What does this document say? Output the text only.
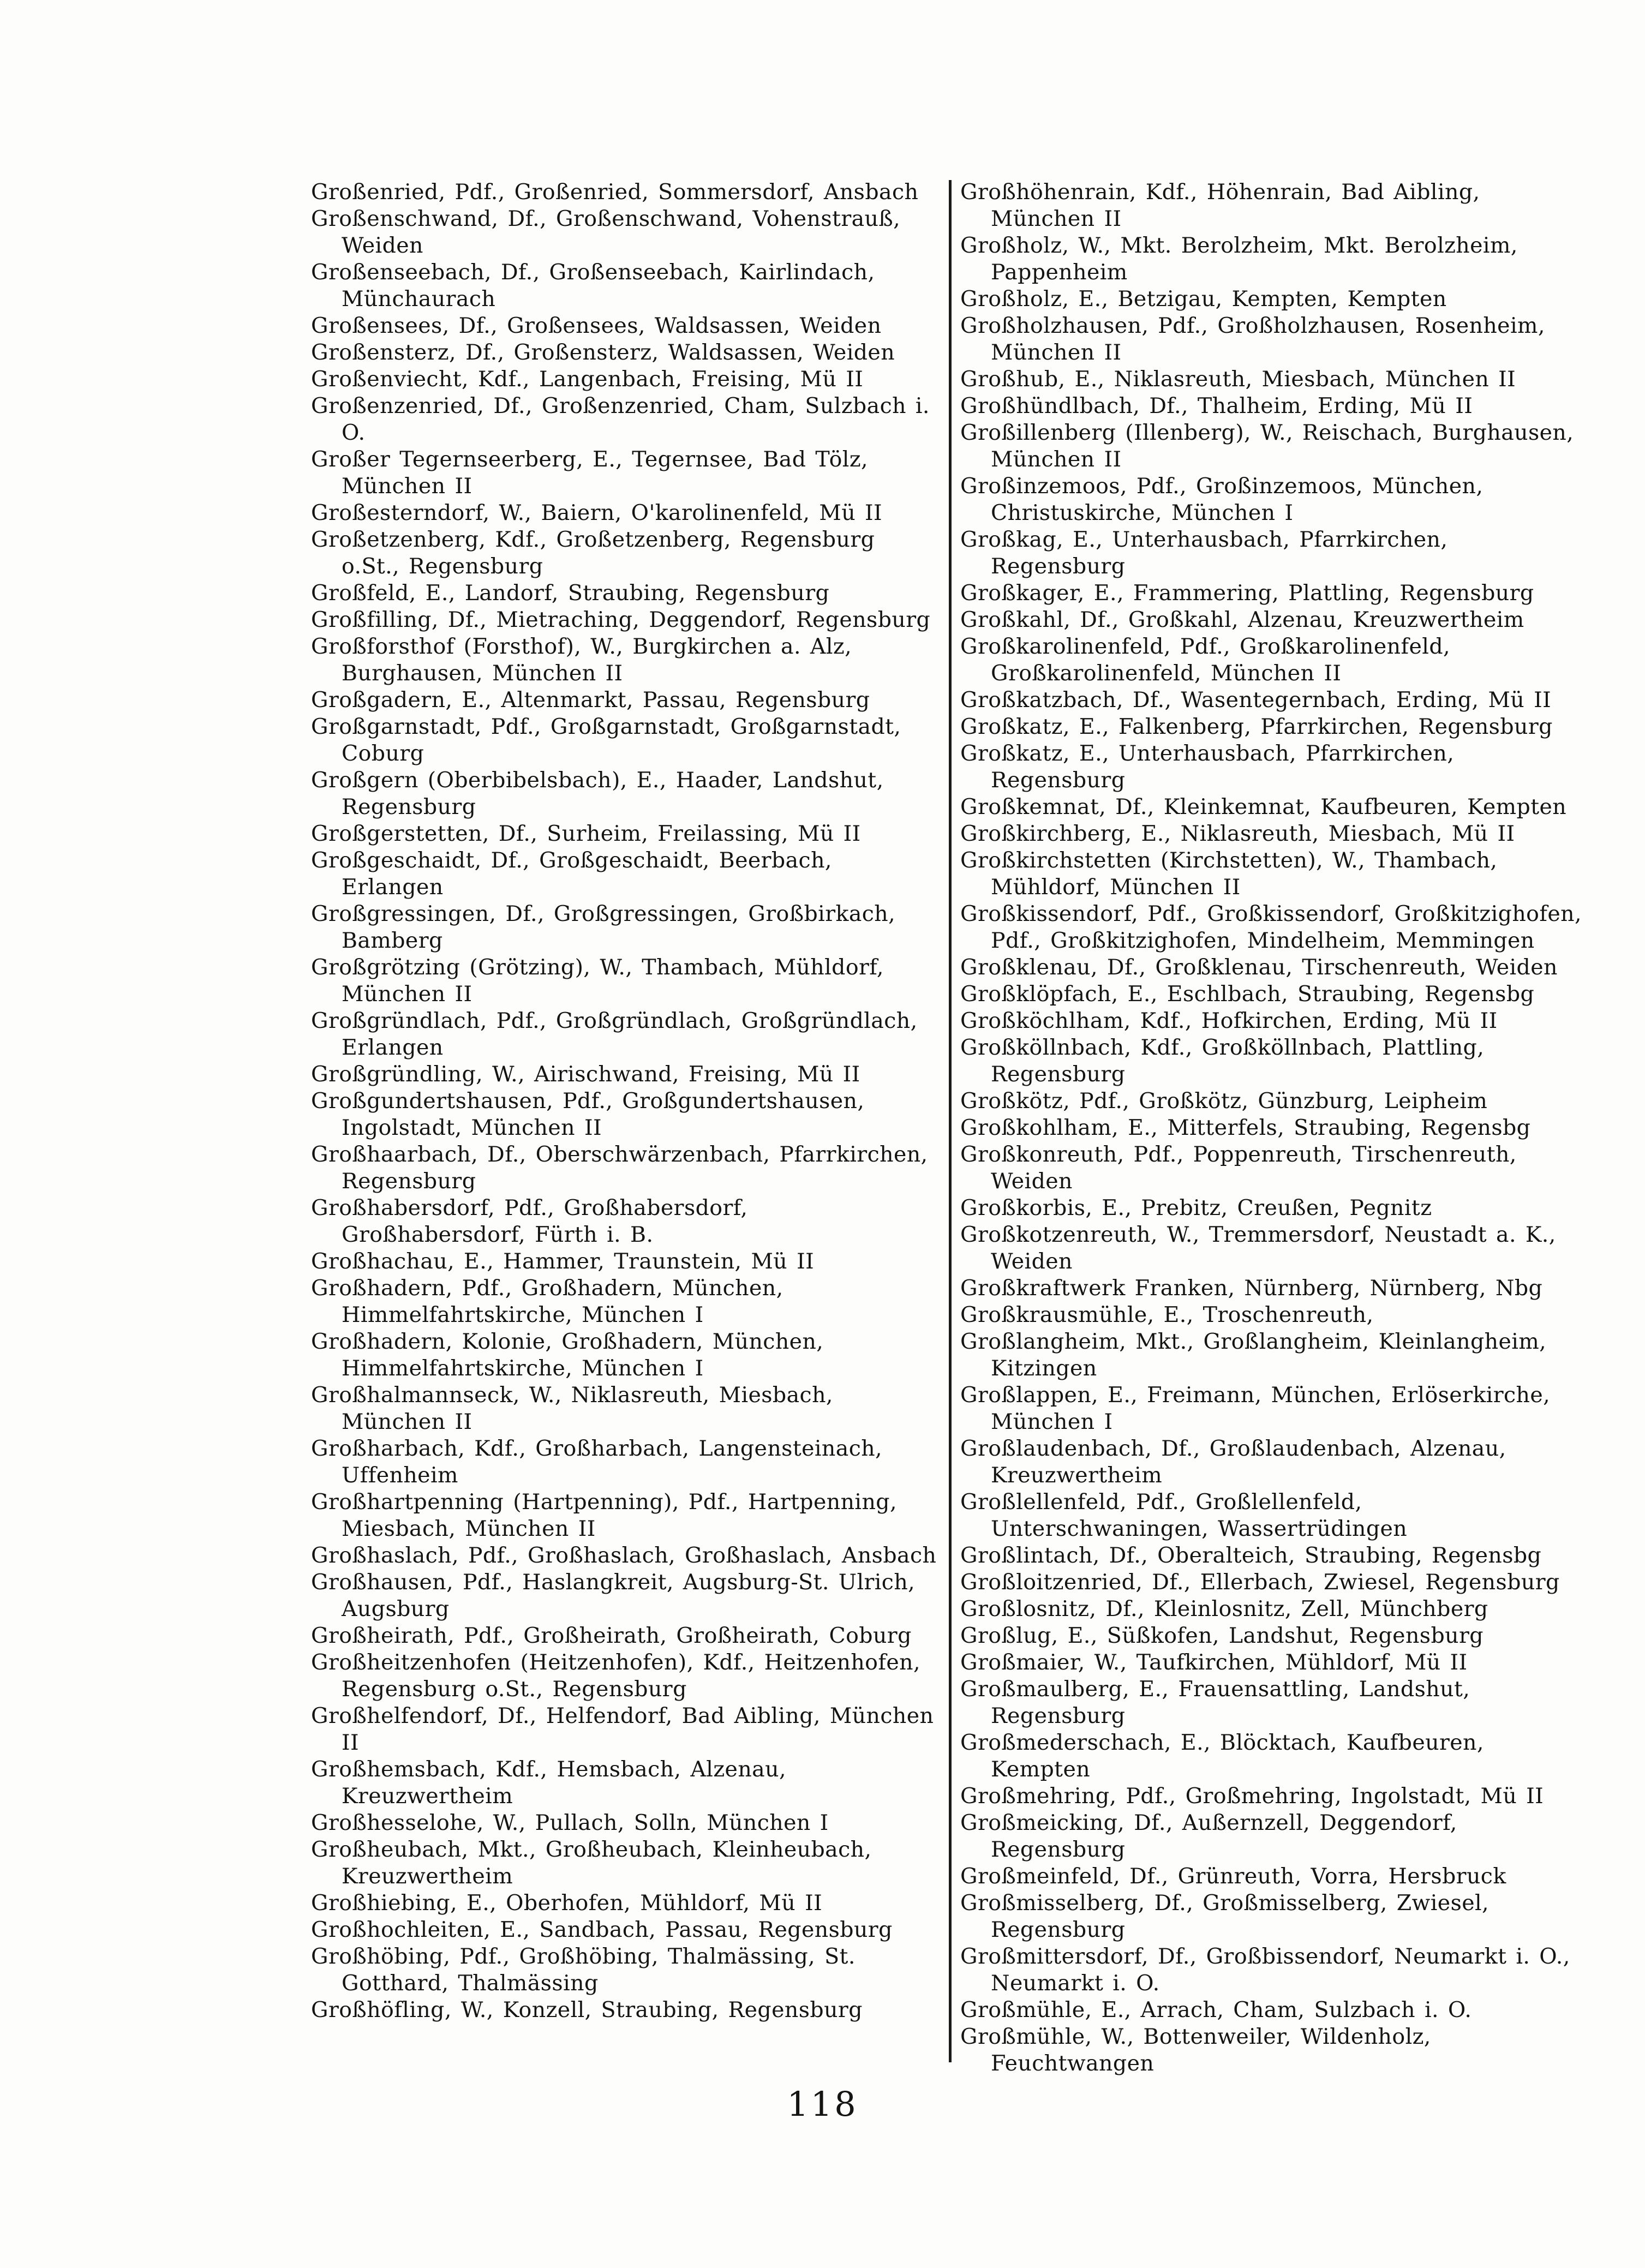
Großenried, Pdf., Großenried, Sommersdorf, Ansbach
Großenschwand, Df., Großenschwand, Vohenstrauß, Weiden
Großenseebach, Df., Großenseebach, Kairlindach, Münchaurach
Großensees, Df., Großensees, Waldsassen, Weiden
Großensterz, Df., Großensterz, Waldsassen, Weiden
Großenviecht, Kdf., Langenbach, Freising, Mü II
Großenzenried, Df., Großenzenried, Cham, Sulzbach i. O.
Großer Tegernseerberg, E., Tegernsee, Bad Tölz, München II
Großesterndorf, W., Baiern, O'karolinenfeld, Mü II
Großetzenberg, Kdf., Großetzenberg, Regensburg o.St., Regensburg
Großfeld, E., Landorf, Straubing, Regensburg
Großfilling, Df., Mietraching, Deggendorf, Regensburg
Großforsthof (Forsthof), W., Burgkirchen a. Alz, Burghausen, München II
Großgadern, E., Altenmarkt, Passau, Regensburg
Großgarnstadt, Pdf., Großgarnstadt, Großgarnstadt, Coburg
Großgern (Oberbibelsbach), E., Haader, Landshut, Regensburg
Großgerstetten, Df., Surheim, Freilassing, Mü II
Großgeschaidt, Df., Großgeschaidt, Beerbach, Erlangen
Großgressingen, Df., Großgressingen, Großbirkach, Bamberg
Großgrötzing (Grötzing), W., Thambach, Mühldorf, München II
Großgründlach, Pdf., Großgründlach, Großgründlach, Erlangen
Großgründling, W., Airischwand, Freising, Mü II
Großgundertshausen, Pdf., Großgundertshausen, Ingolstadt, München II
Großhaarbach, Df., Oberschwärzenbach, Pfarrkirchen, Regensburg
Großhabersdorf, Pdf., Großhabersdorf, Großhabersdorf, Fürth i. B.
Großhachau, E., Hammer, Traunstein, Mü II
Großhadern, Pdf., Großhadern, München, Himmelfahrtskirche, München I
Großhadern, Kolonie, Großhadern, München, Himmelfahrtskirche, München I
Großhalmannseck, W., Niklasreuth, Miesbach, München II
Großharbach, Kdf., Großharbach, Langensteinach, Uffenheim
Großhartpenning (Hartpenning), Pdf., Hartpenning, Miesbach, München II
Großhaslach, Pdf., Großhaslach, Großhaslach, Ansbach
Großhausen, Pdf., Haslangkreit, Augsburg-St. Ulrich, Augsburg
Großheirath, Pdf., Großheirath, Großheirath, Coburg
Großheitzenhofen (Heitzenhofen), Kdf., Heitzenhofen, Regensburg o.St., Regensburg
Großhelfendorf, Df., Helfendorf, Bad Aibling, München II
Großhemsbach, Kdf., Hemsbach, Alzenau, Kreuzwertheim
Großhesselohe, W., Pullach, Solln, München I
Großheubach, Mkt., Großheubach, Kleinheubach, Kreuzwertheim
Großhiebing, E., Oberhofen, Mühldorf, Mü II
Großhochleiten, E., Sandbach, Passau, Regensburg
Großhöbing, Pdf., Großhöbing, Thalmässing, St. Gotthard, Thalmässing
Großhöfling, W., Konzell, Straubing, Regensburg
Großhöhenrain, Kdf., Höhenrain, Bad Aibling, München II
Großholz, W., Mkt. Berolzheim, Mkt. Berolzheim, Pappenheim
Großholz, E., Betzigau, Kempten, Kempten
Großholzhausen, Pdf., Großholzhausen, Rosenheim, München II
Großhub, E., Niklasreuth, Miesbach, München II
Großhündlbach, Df., Thalheim, Erding, Mü II
Großillenberg (Illenberg), W., Reischach, Burghausen, München II
Großinzemoos, Pdf., Großinzemoos, München, Christuskirche, München I
Großkag, E., Unterhausbach, Pfarrkirchen, Regensburg
Großkager, E., Frammering, Plattling, Regensburg
Großkahl, Df., Großkahl, Alzenau, Kreuzwertheim
Großkarolinenfeld, Pdf., Großkarolinenfeld, Großkarolinenfeld, München II
Großkatzbach, Df., Wasentegernbach, Erding, Mü II
Großkatz, E., Falkenberg, Pfarrkirchen, Regensburg
Großkatz, E., Unterhausbach, Pfarrkirchen, Regensburg
Großkemnat, Df., Kleinkemnat, Kaufbeuren, Kempten
Großkirchberg, E., Niklasreuth, Miesbach, Mü II
Großkirchstetten (Kirchstetten), W., Thambach, Mühldorf, München II
Großkissendorf, Pdf., Großkissendorf, Großkitzighofen, Pdf., Großkitzighofen, Mindelheim, Memmingen
Großklenau, Df., Großklenau, Tirschenreuth, Weiden
Großklöpfach, E., Eschlbach, Straubing, Regensbg
Großköchlham, Kdf., Hofkirchen, Erding, Mü II
Großköllnbach, Kdf., Großköllnbach, Plattling, Regensburg
Großkötz, Pdf., Großkötz, Günzburg, Leipheim
Großkohlham, E., Mitterfels, Straubing, Regensbg
Großkonreuth, Pdf., Poppenreuth, Tirschenreuth, Weiden
Großkorbis, E., Prebitz, Creußen, Pegnitz
Großkotzenreuth, W., Tremmersdorf, Neustadt a. K., Weiden
Großkraftwerk Franken, Nürnberg, Nürnberg, Nbg
Großkrausmühle, E., Troschenreuth,
Großlangheim, Mkt., Großlangheim, Kleinlangheim, Kitzingen
Großlappen, E., Freimann, München, Erlöserkirche, München I
Großlaudenbach, Df., Großlaudenbach, Alzenau, Kreuzwertheim
Großlellenfeld, Pdf., Großlellenfeld, Unterschwaningen, Wassertrüdingen
Großlintach, Df., Oberalteich, Straubing, Regensbg
Großloitzenried, Df., Ellerbach, Zwiesel, Regensburg
Großlosnitz, Df., Kleinlosnitz, Zell, Münchberg
Großlug, E., Süßkofen, Landshut, Regensburg
Großmaier, W., Taufkirchen, Mühldorf, Mü II
Großmaulberg, E., Frauensattling, Landshut, Regensburg
Großmederschach, E., Blöcktach, Kaufbeuren, Kempten
Großmehring, Pdf., Großmehring, Ingolstadt, Mü II
Großmeicking, Df., Außernzell, Deggendorf, Regensburg
Großmeinfeld, Df., Grünreuth, Vorra, Hersbruck
Großmisselberg, Df., Großmisselberg, Zwiesel, Regensburg
Großmittersdorf, Df., Großbissendorf, Neumarkt i. O., Neumarkt i. O.
Großmühle, E., Arrach, Cham, Sulzbach i. O.
Großmühle, W., Bottenweiler, Wildenholz, Feuchtwangen
118
